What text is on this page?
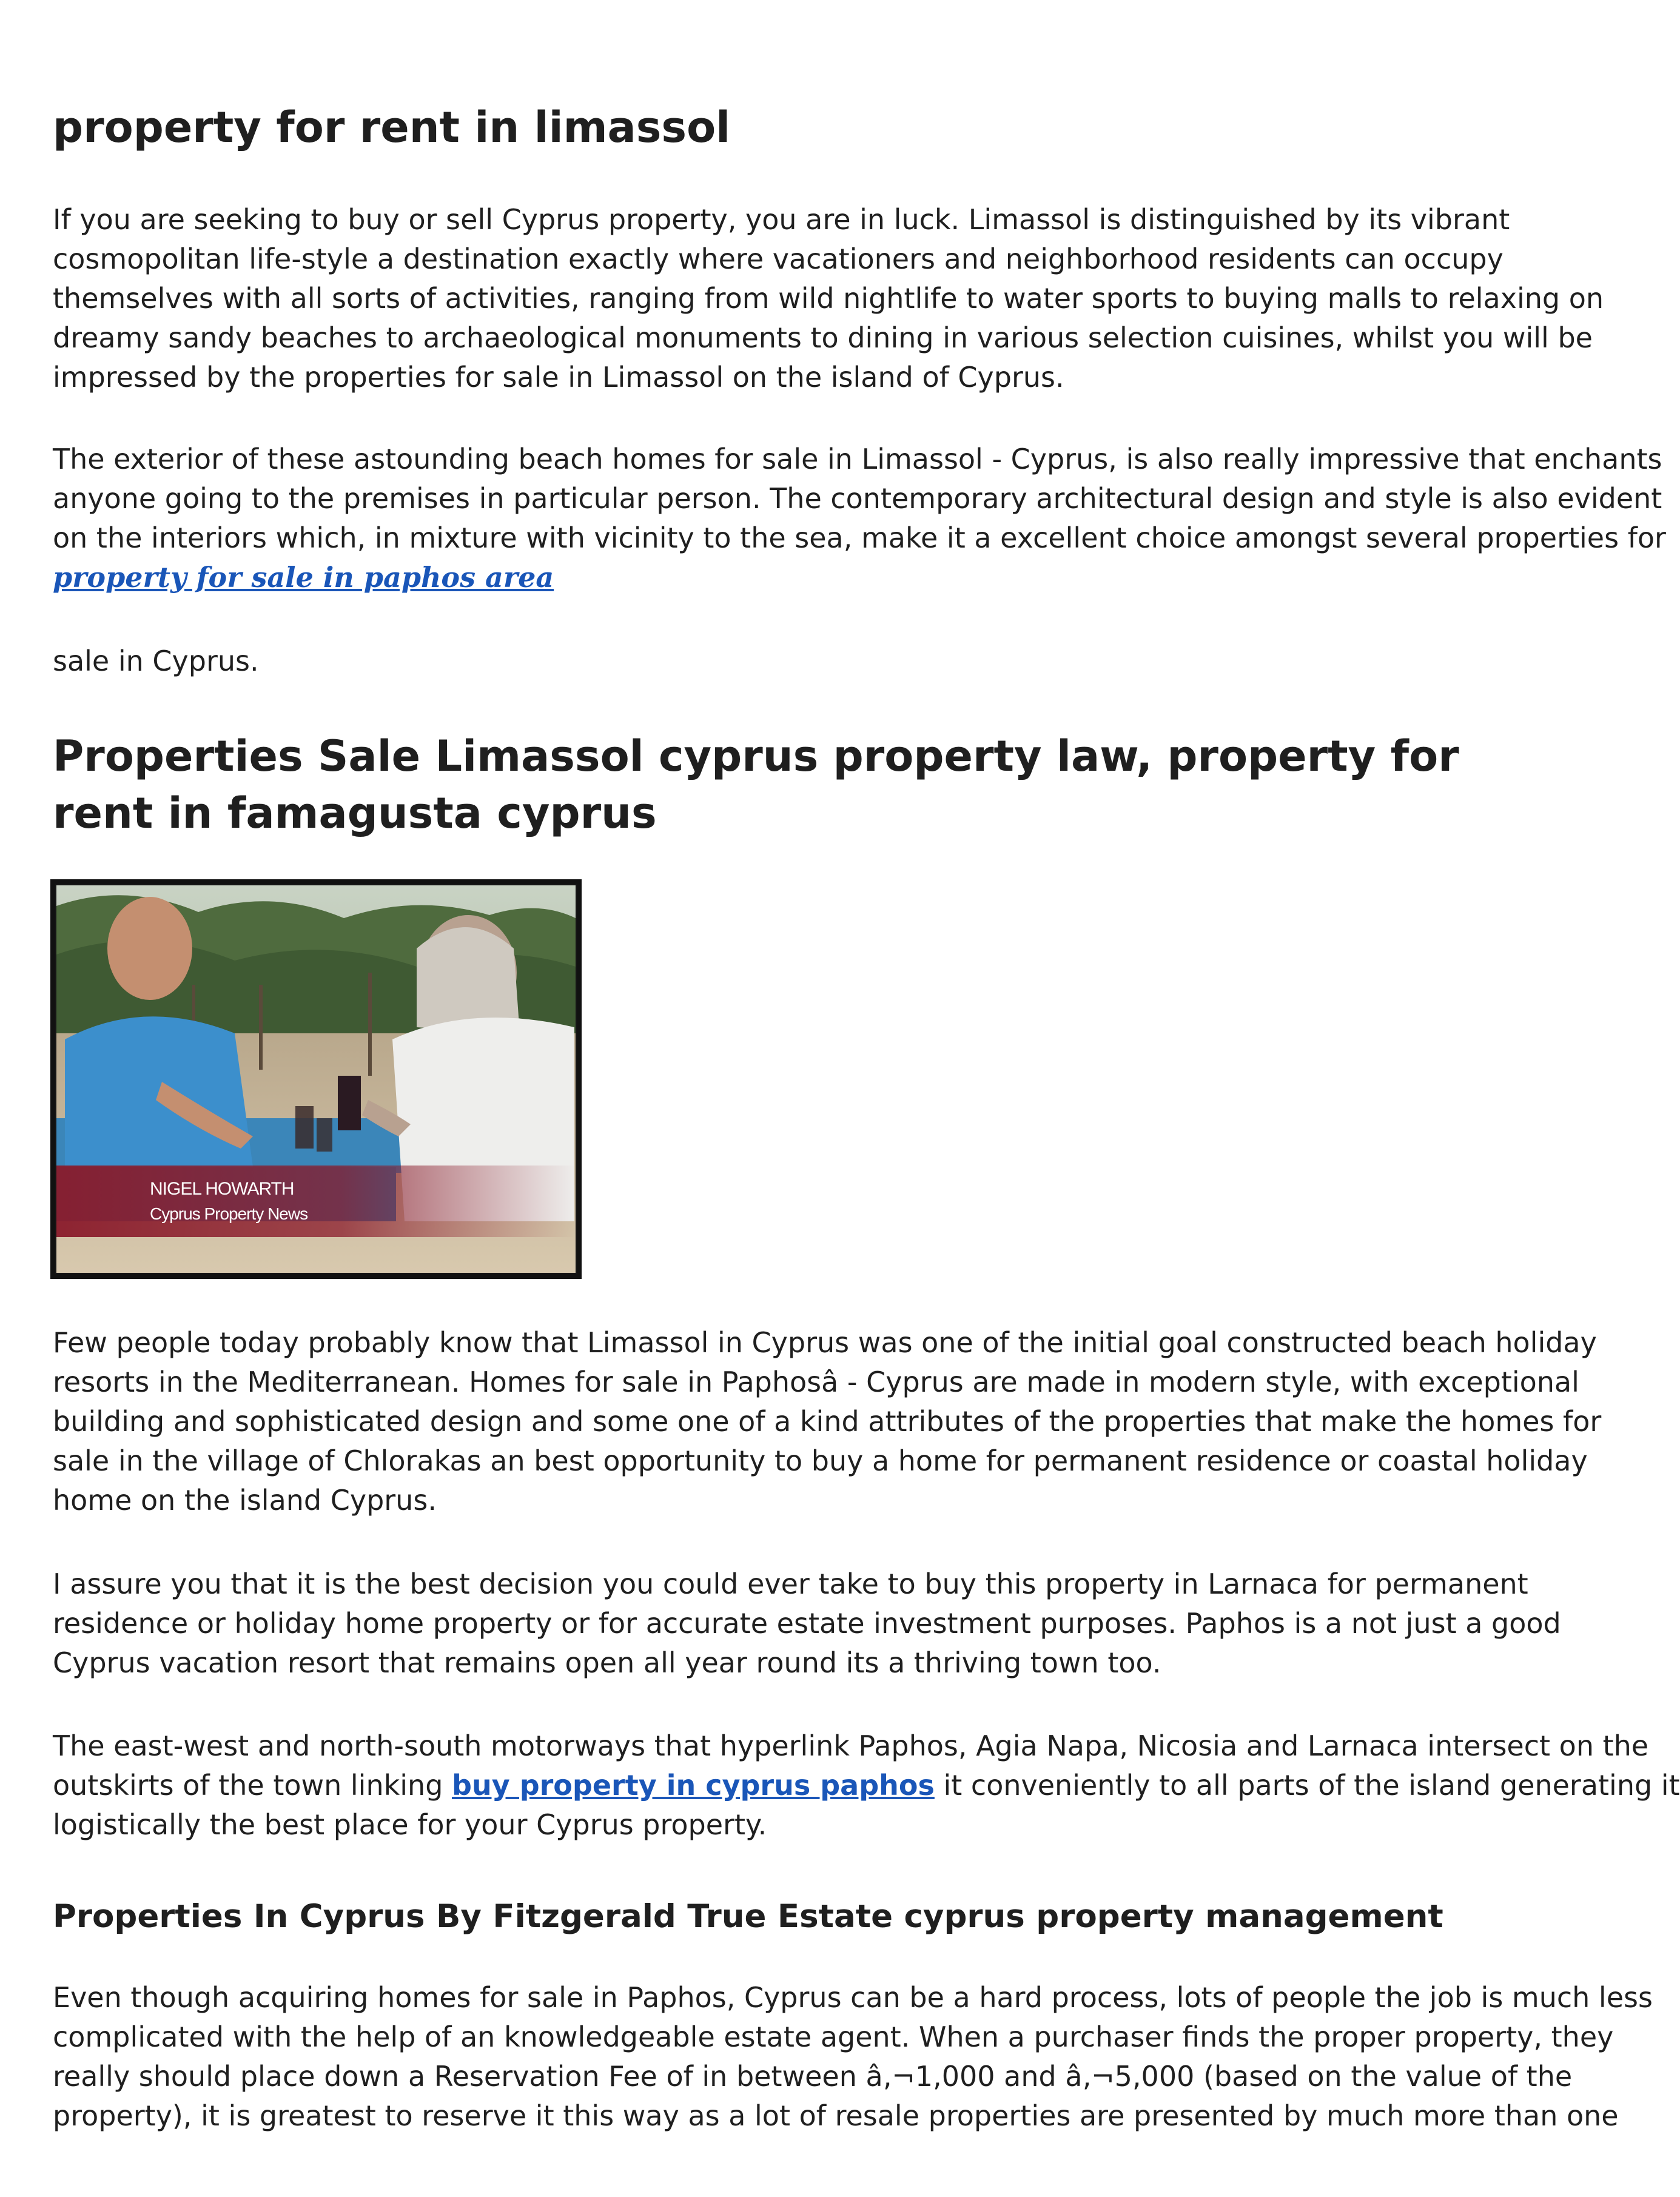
property for rent in limassol
If you are seeking to buy or sell Cyprus property, you are in luck. Limassol is distinguished by its vibrant
cosmopolitan life-style a destination exactly where vacationers and neighborhood residents can occupy
themselves with all sorts of activities, ranging from wild nightlife to water sports to buying malls to relaxing on
dreamy sandy beaches to archaeological monuments to dining in various selection cuisines, whilst you will be
impressed by the properties for sale in Limassol on the island of Cyprus.
The exterior of these astounding beach homes for sale in Limassol - Cyprus, is also really impressive that enchants
anyone going to the premises in particular person. The contemporary architectural design and style is also evident
on the interiors which, in mixture with vicinity to the sea, make it a excellent choice amongst several properties for
property for sale in paphos area
sale in Cyprus.
Properties Sale Limassol cyprus property law, property for rent in famagusta cyprus
NIGEL HOWARTH
Cyprus Property News
Few people today probably know that Limassol in Cyprus was one of the initial goal constructed beach holiday
resorts in the Mediterranean. Homes for sale in Paphosâ - Cyprus are made in modern style, with exceptional
building and sophisticated design and some one of a kind attributes of the properties that make the homes for
sale in the village of Chlorakas an best opportunity to buy a home for permanent residence or coastal holiday
home on the island Cyprus.
I assure you that it is the best decision you could ever take to buy this property in Larnaca for permanent
residence or holiday home property or for accurate estate investment purposes. Paphos is a not just a good
Cyprus vacation resort that remains open all year round its a thriving town too.
The east-west and north-south motorways that hyperlink Paphos, Agia Napa, Nicosia and Larnaca intersect on the
outskirts of the town linking buy property in cyprus paphos it conveniently to all parts of the island generating it
logistically the best place for your Cyprus property.
Properties In Cyprus By Fitzgerald True Estate cyprus property management
Even though acquiring homes for sale in Paphos, Cyprus can be a hard process, lots of people the job is much less
complicated with the help of an knowledgeable estate agent. When a purchaser finds the proper property, they
really should place down a Reservation Fee of in between â‚¬1,000 and â‚¬5,000 (based on the value of the
property), it is greatest to reserve it this way as a lot of resale properties are presented by much more than one
